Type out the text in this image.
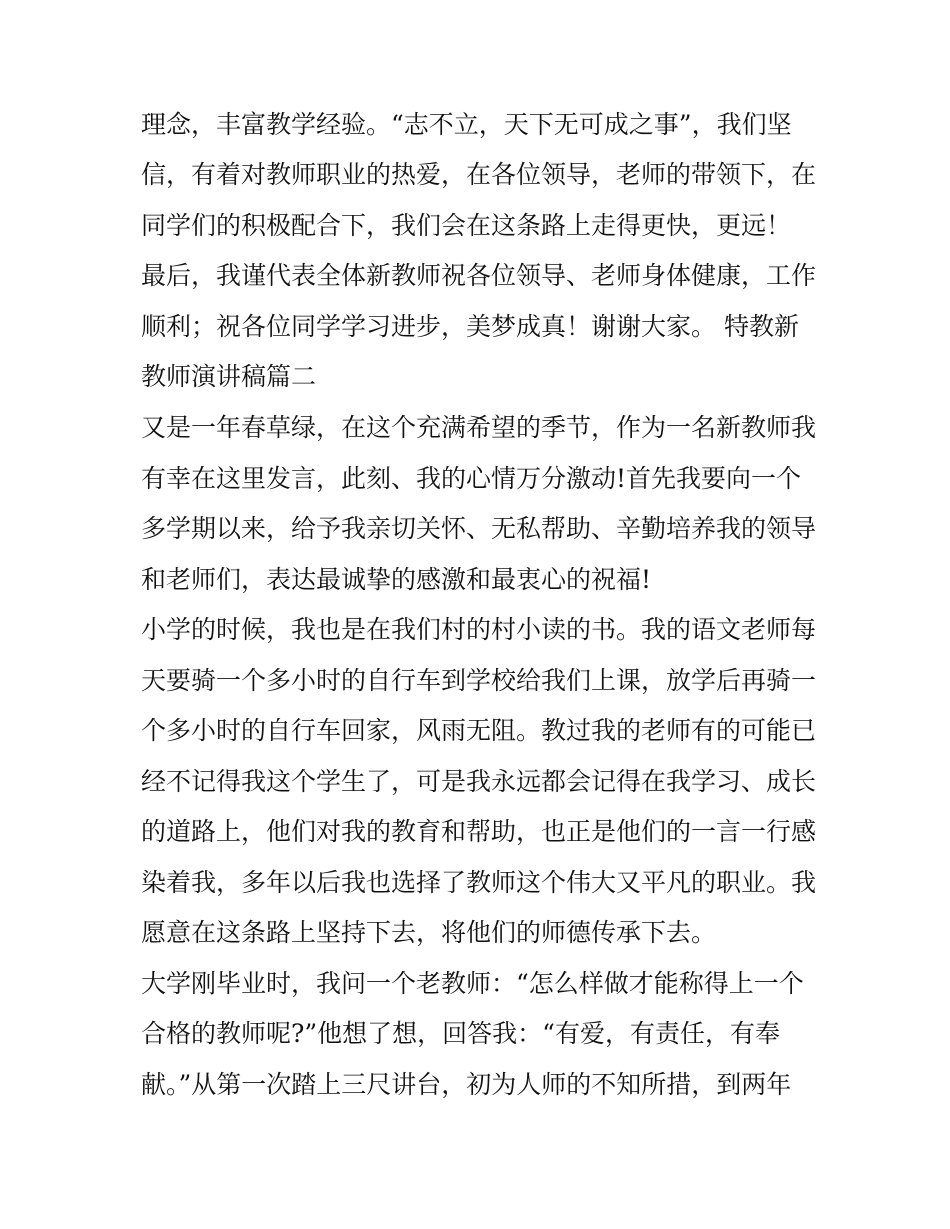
理念，丰富教学经验。“志不立，天下无可成之事”，我们坚
信，有着对教师职业的热爱，在各位领导，老师的带领下，在
同学们的积极配合下，我们会在这条路上走得更快，更远！
最后，我谨代表全体新教师祝各位领导、老师身体健康，工作
顺利；祝各位同学学习进步，美梦成真！谢谢大家。 特教新
教师演讲稿篇二
又是一年春草绿，在这个充满希望的季节，作为一名新教师我
有幸在这里发言，此刻、我的心情万分激动!首先我要向一个
多学期以来，给予我亲切关怀、无私帮助、辛勤培养我的领导
和老师们，表达最诚挚的感激和最衷心的祝福!
小学的时候，我也是在我们村的村小读的书。我的语文老师每
天要骑一个多小时的自行车到学校给我们上课，放学后再骑一
个多小时的自行车回家，风雨无阻。教过我的老师有的可能已
经不记得我这个学生了，可是我永远都会记得在我学习、成长
的道路上，他们对我的教育和帮助，也正是他们的一言一行感
染着我，多年以后我也选择了教师这个伟大又平凡的职业。我
愿意在这条路上坚持下去，将他们的师德传承下去。
大学刚毕业时，我问一个老教师：“怎么样做才能称得上一个
合格的教师呢?”他想了想，回答我：“有爱，有责任，有奉
献。”从第一次踏上三尺讲台，初为人师的不知所措，到两年
